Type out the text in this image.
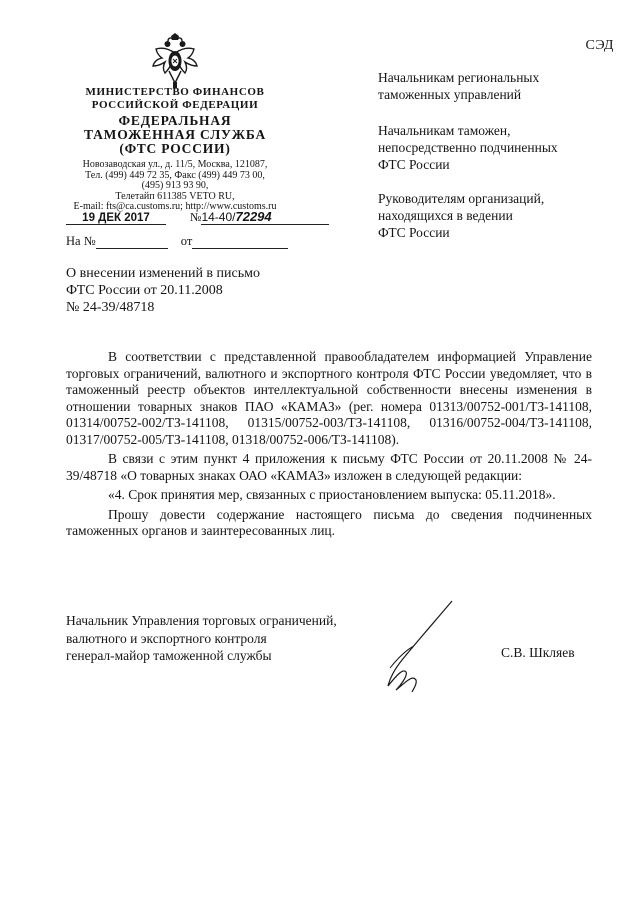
СЭД
МИНИСТЕРСТВО ФИНАНСОВ
РОССИЙСКОЙ ФЕДЕРАЦИИ
ФЕДЕРАЛЬНАЯ
ТАМОЖЕННАЯ СЛУЖБА
(ФТС РОССИИ)
Новозаводская ул., д. 11/5, Москва, 121087,
Тел. (499) 449 72 35, Факс (499) 449 73 00,
(495) 913 93 90,
Телетайп 611385 VETO RU,
E-mail: fts@ca.customs.ru; http://www.customs.ru
19 ДЕК 2017	№14-40/72294
На №	от
О внесении изменений в письмо
ФТС России от 20.11.2008
№ 24-39/48718
Начальникам региональных
таможенных управлений
Начальникам таможен,
непосредственно подчиненных
ФТС России
Руководителям организаций,
находящихся в ведении
ФТС России

В соответствии с представленной правообладателем информацией Управление торговых ограничений, валютного и экспортного контроля ФТС России уведомляет, что в таможенный реестр объектов интеллектуальной собственности внесены изменения в отношении товарных знаков ПАО «КАМАЗ» (рег. номера 01313/00752-001/ТЗ-141108, 01314/00752-002/ТЗ-141108, 01315/00752-003/ТЗ-141108, 01316/00752-004/ТЗ-141108, 01317/00752-005/ТЗ-141108, 01318/00752-006/ТЗ-141108).

В связи с этим пункт 4 приложения к письму ФТС России от 20.11.2008 № 24-39/48718 «О товарных знаках ОАО «КАМАЗ» изложен в следующей редакции:

«4. Срок принятия мер, связанных с приостановлением выпуска: 05.11.2018».

Прошу довести содержание настоящего письма до сведения подчиненных таможенных органов и заинтересованных лиц.

Начальник Управления торговых ограничений,
валютного и экспортного контроля
генерал-майор таможенной службы	С.В. Шкляев
